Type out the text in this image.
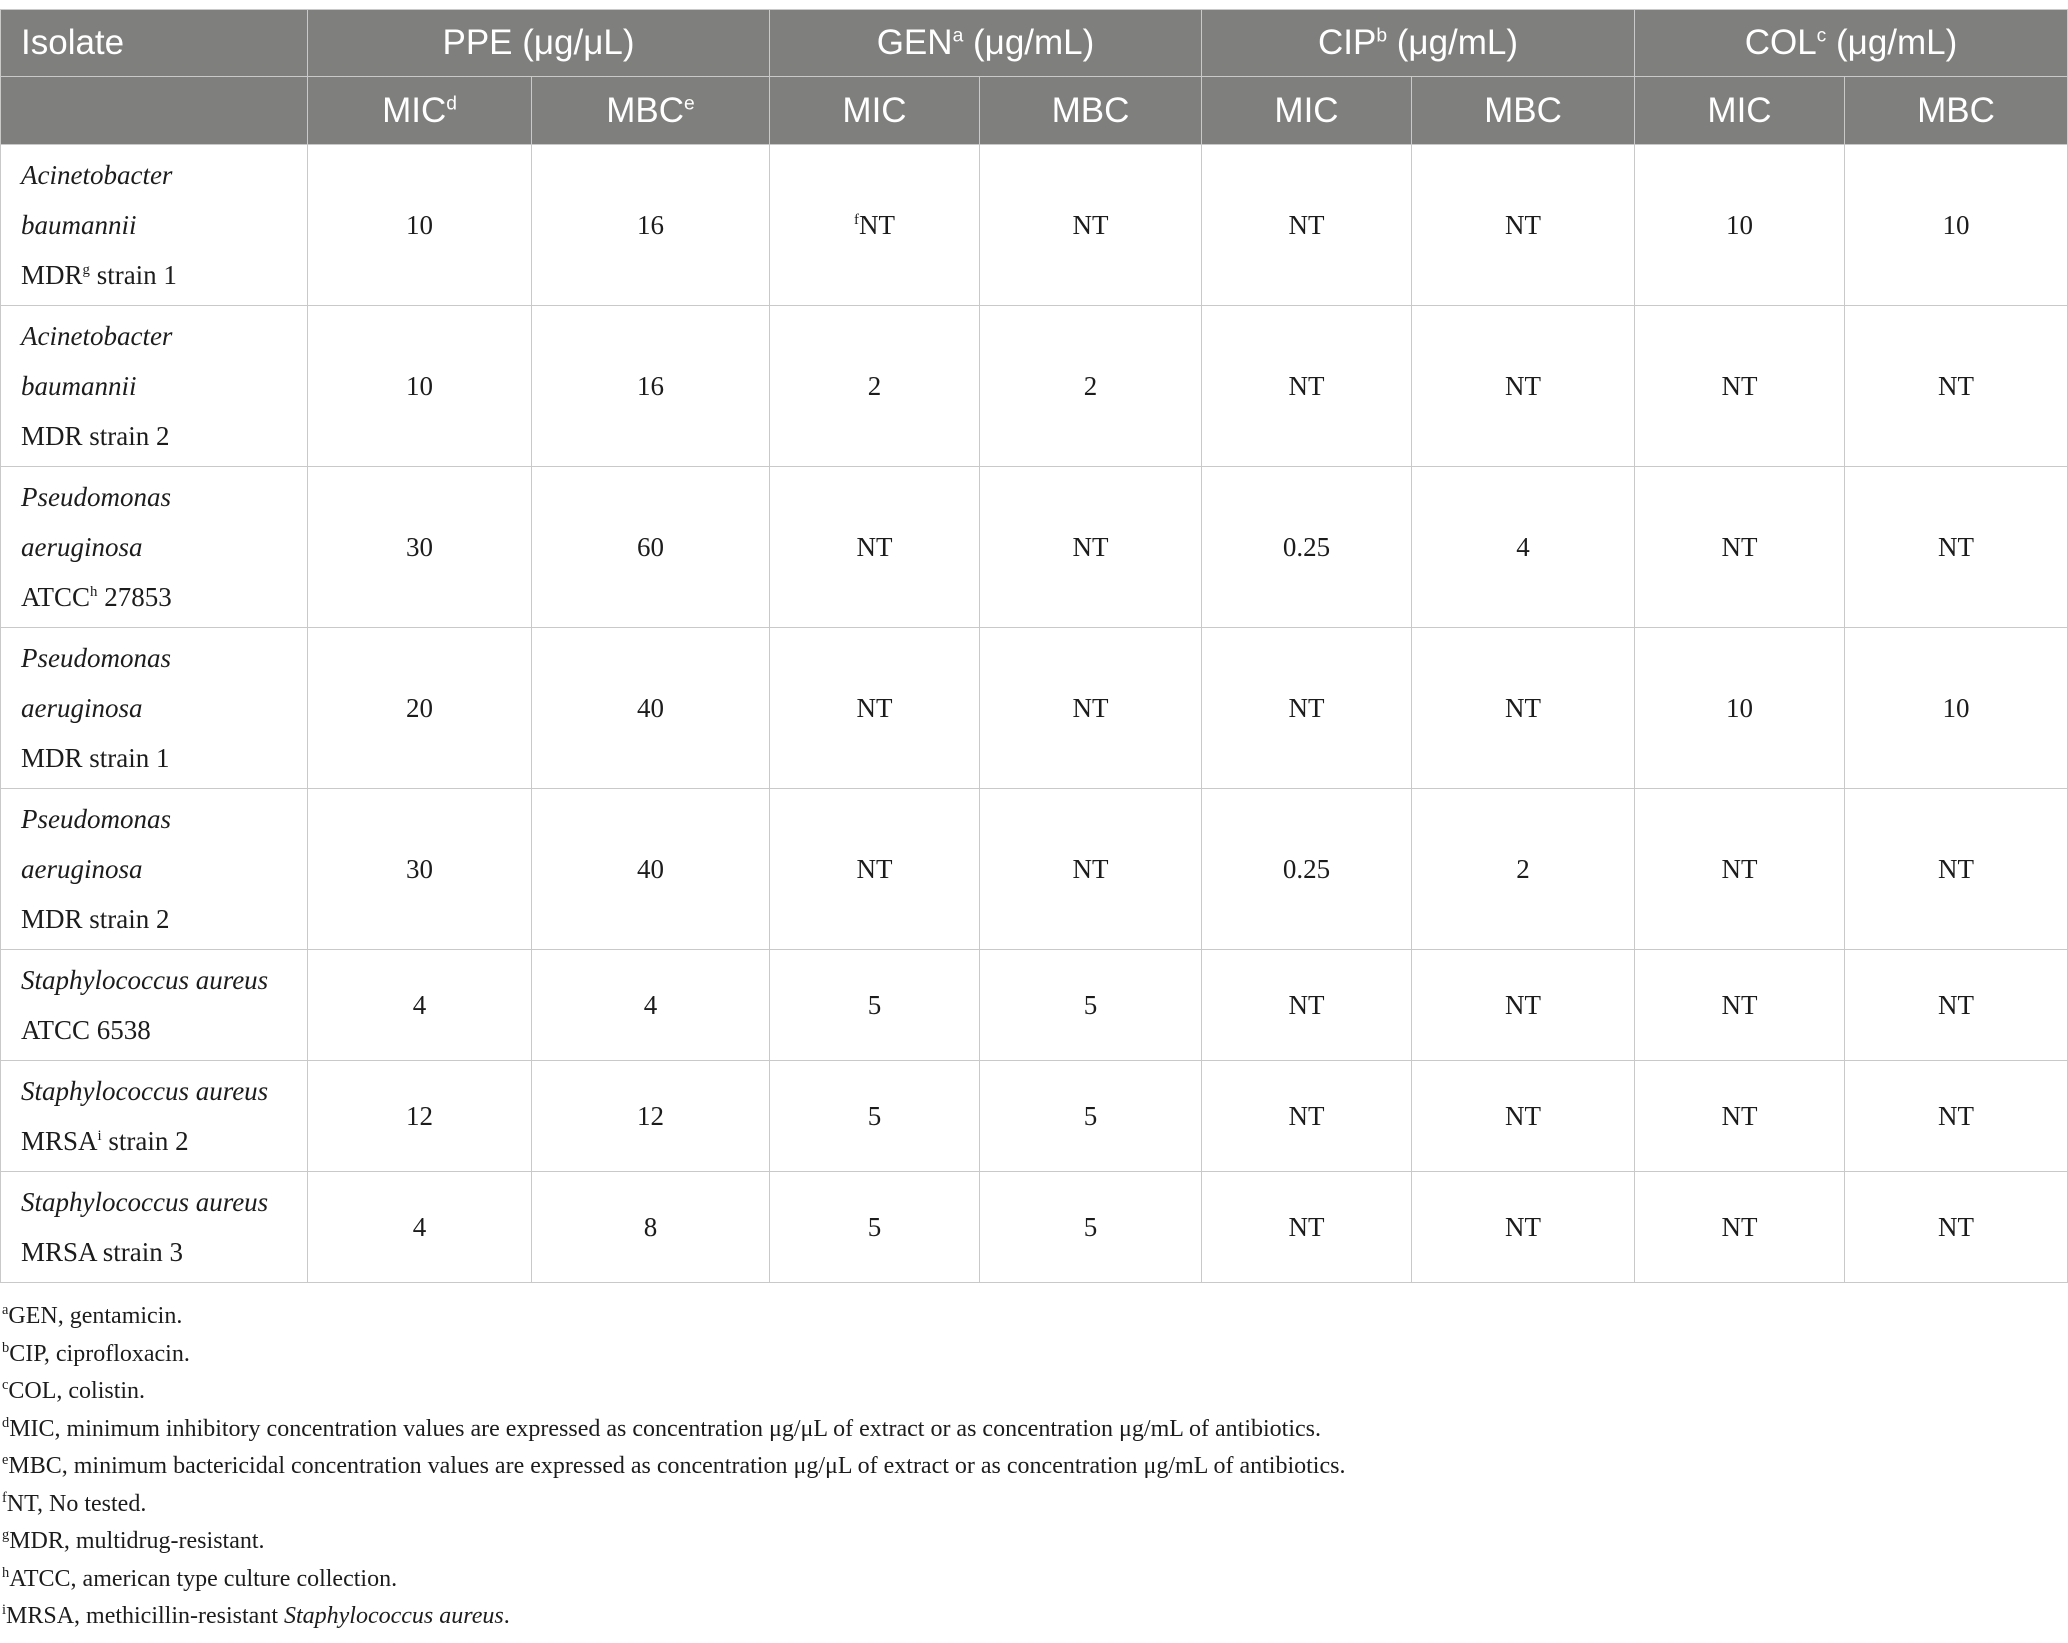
Isolate	PPE (μg/μL)		GEN$^a$ (μg/mL)		CIP$^b$ (μg/mL)		COL$^c$ (μg/mL)	
	MIC$^d$	MBC$^e$	MIC	MBC	MIC	MBC	MIC	MBC
Acinetobacter
baumannii
MDR$^g$ strain 1	10	16	$^f$NT	NT	NT	NT	10	10
Acinetobacter
baumannii
MDR strain 2	10	16	2	2	NT	NT	NT	NT
Pseudomonas
aeruginosa
ATCC$^h$ 27853	30	60	NT	NT	0.25	4	NT	NT
Pseudomonas
aeruginosa
MDR strain 1	20	40	NT	NT	NT	NT	10	10
Pseudomonas
aeruginosa
MDR strain 2	30	40	NT	NT	0.25	2	NT	NT
Staphylococcus aureus
ATCC 6538	4	4	5	5	NT	NT	NT	NT
Staphylococcus aureus
MRSA$^i$ strain 2	12	12	5	5	NT	NT	NT	NT
Staphylococcus aureus
MRSA strain 3	4	8	5	5	NT	NT	NT	NT
$^a$GEN, gentamicin.
$^b$CIP, ciprofloxacin.
$^c$COL, colistin.
$^d$MIC, minimum inhibitory concentration values are expressed as concentration μg/μL of extract or as concentration μg/mL of antibiotics.
$^e$MBC, minimum bactericidal concentration values are expressed as concentration μg/μL of extract or as concentration μg/mL of antibiotics.
$^f$NT, No tested.
$^g$MDR, multidrug-resistant.
$^h$ATCC, american type culture collection.
$^i$MRSA, methicillin-resistant Staphylococcus aureus.
